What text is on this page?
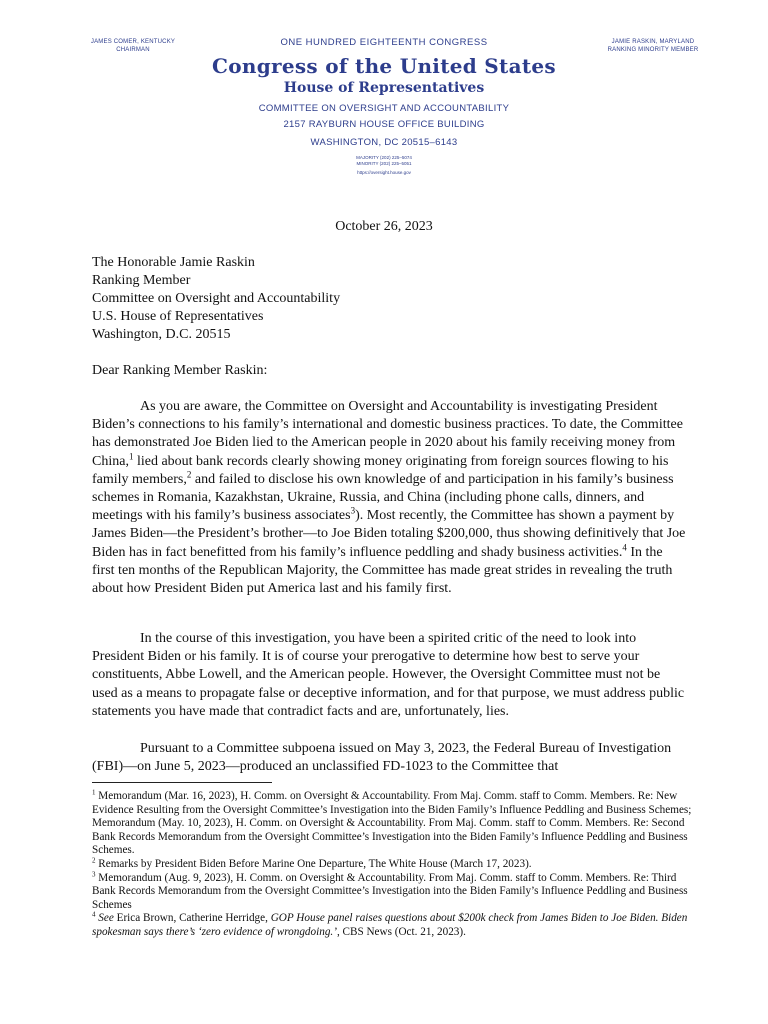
JAMES COMER, KENTUCKY
CHAIRMAN
ONE HUNDRED EIGHTEENTH CONGRESS
Congress of the United States
House of Representatives
COMMITTEE ON OVERSIGHT AND ACCOUNTABILITY
2157 RAYBURN HOUSE OFFICE BUILDING
WASHINGTON, DC 20515–6143
MAJORITY (202) 225–5074
MINORITY (202) 225–5051
https://oversight.house.gov
JAMIE RASKIN, MARYLAND
RANKING MINORITY MEMBER
October 26, 2023
The Honorable Jamie Raskin
Ranking Member
Committee on Oversight and Accountability
U.S. House of Representatives
Washington, D.C. 20515
Dear Ranking Member Raskin:

As you are aware, the Committee on Oversight and Accountability is investigating President Biden’s connections to his family’s international and domestic business practices. To date, the Committee has demonstrated Joe Biden lied to the American people in 2020 about his family receiving money from China,$^1$ lied about bank records clearly showing money originating from foreign sources flowing to his family members,$^2$ and failed to disclose his own knowledge of and participation in his family’s business schemes in Romania, Kazakhstan, Ukraine, Russia, and China (including phone calls, dinners, and meetings with his family’s business associates$^3$). Most recently, the Committee has shown a payment by James Biden—the President’s brother—to Joe Biden totaling $200,000, thus showing definitively that Joe Biden has in fact benefitted from his family’s influence peddling and shady business activities.$^4$ In the first ten months of the Republican Majority, the Committee has made great strides in revealing the truth about how President Biden put America last and his family first.

In the course of this investigation, you have been a spirited critic of the need to look into President Biden or his family. It is of course your prerogative to determine how best to serve your constituents, Abbe Lowell, and the American people. However, the Oversight Committee must not be used as a means to propagate false or deceptive information, and for that purpose, we must address public statements you have made that contradict facts and are, unfortunately, lies.

Pursuant to a Committee subpoena issued on May 3, 2023, the Federal Bureau of Investigation (FBI)—on June 5, 2023—produced an unclassified FD-1023 to the Committee that

$^1$ Memorandum (Mar. 16, 2023), H. Comm. on Oversight & Accountability. From Maj. Comm. staff to Comm. Members. Re: New Evidence Resulting from the Oversight Committee’s Investigation into the Biden Family’s Influence Peddling and Business Schemes; Memorandum (May. 10, 2023), H. Comm. on Oversight & Accountability. From Maj. Comm. staff to Comm. Members. Re: Second Bank Records Memorandum from the Oversight Committee’s Investigation into the Biden Family’s Influence Peddling and Business Schemes.
$^2$ Remarks by President Biden Before Marine One Departure, The White House (March 17, 2023).
$^3$ Memorandum (Aug. 9, 2023), H. Comm. on Oversight & Accountability. From Maj. Comm. staff to Comm. Members. Re: Third Bank Records Memorandum from the Oversight Committee’s Investigation into the Biden Family’s Influence Peddling and Business Schemes
$^4$ See Erica Brown, Catherine Herridge, GOP House panel raises questions about $200k check from James Biden to Joe Biden. Biden spokesman says there’s ‘zero evidence of wrongdoing.’, CBS News (Oct. 21, 2023).
